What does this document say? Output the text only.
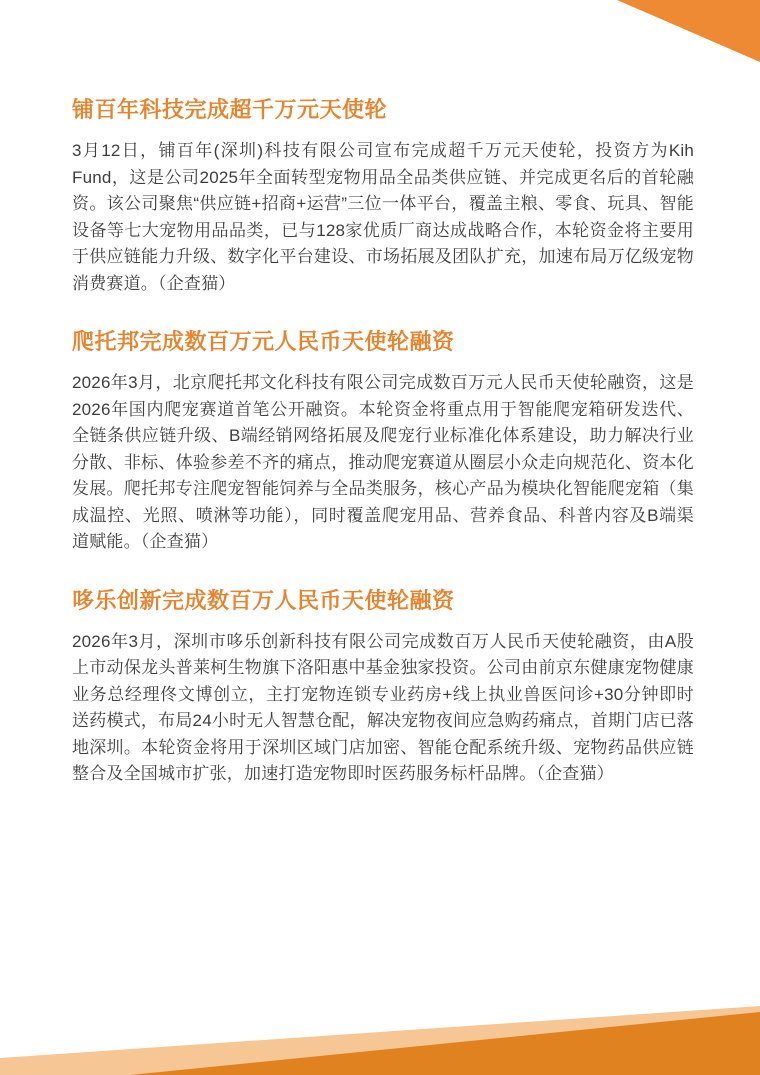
铺百年科技完成超千万元天使轮

3月12日，铺百年(深圳)科技有限公司宣布完成超千万元天使轮，投资方为Kih Fund，这是公司2025年全面转型宠物用品全品类供应链、并完成更名后的首轮融资。该公司聚焦“供应链+招商+运营”三位一体平台，覆盖主粮、零食、玩具、智能设备等七大宠物用品品类，已与128家优质厂商达成战略合作，本轮资金将主要用于供应链能力升级、数字化平台建设、市场拓展及团队扩充，加速布局万亿级宠物消费赛道。（企查猫）

爬托邦完成数百万元人民币天使轮融资

2026年3月，北京爬托邦文化科技有限公司完成数百万元人民币天使轮融资，这是2026年国内爬宠赛道首笔公开融资。本轮资金将重点用于智能爬宠箱研发迭代、全链条供应链升级、B端经销网络拓展及爬宠行业标准化体系建设，助力解决行业分散、非标、体验参差不齐的痛点，推动爬宠赛道从圈层小众走向规范化、资本化发展。爬托邦专注爬宠智能饲养与全品类服务，核心产品为模块化智能爬宠箱（集成温控、光照、喷淋等功能），同时覆盖爬宠用品、营养食品、科普内容及B端渠道赋能。（企查猫）

哆乐创新完成数百万人民币天使轮融资

2026年3月，深圳市哆乐创新科技有限公司完成数百万人民币天使轮融资，由A股上市动保龙头普莱柯生物旗下洛阳惠中基金独家投资。公司由前京东健康宠物健康业务总经理佟文博创立，主打宠物连锁专业药房+线上执业兽医问诊+30分钟即时送药模式，布局24小时无人智慧仓配，解决宠物夜间应急购药痛点，首期门店已落地深圳。本轮资金将用于深圳区域门店加密、智能仓配系统升级、宠物药品供应链整合及全国城市扩张，加速打造宠物即时医药服务标杆品牌。（企查猫）
